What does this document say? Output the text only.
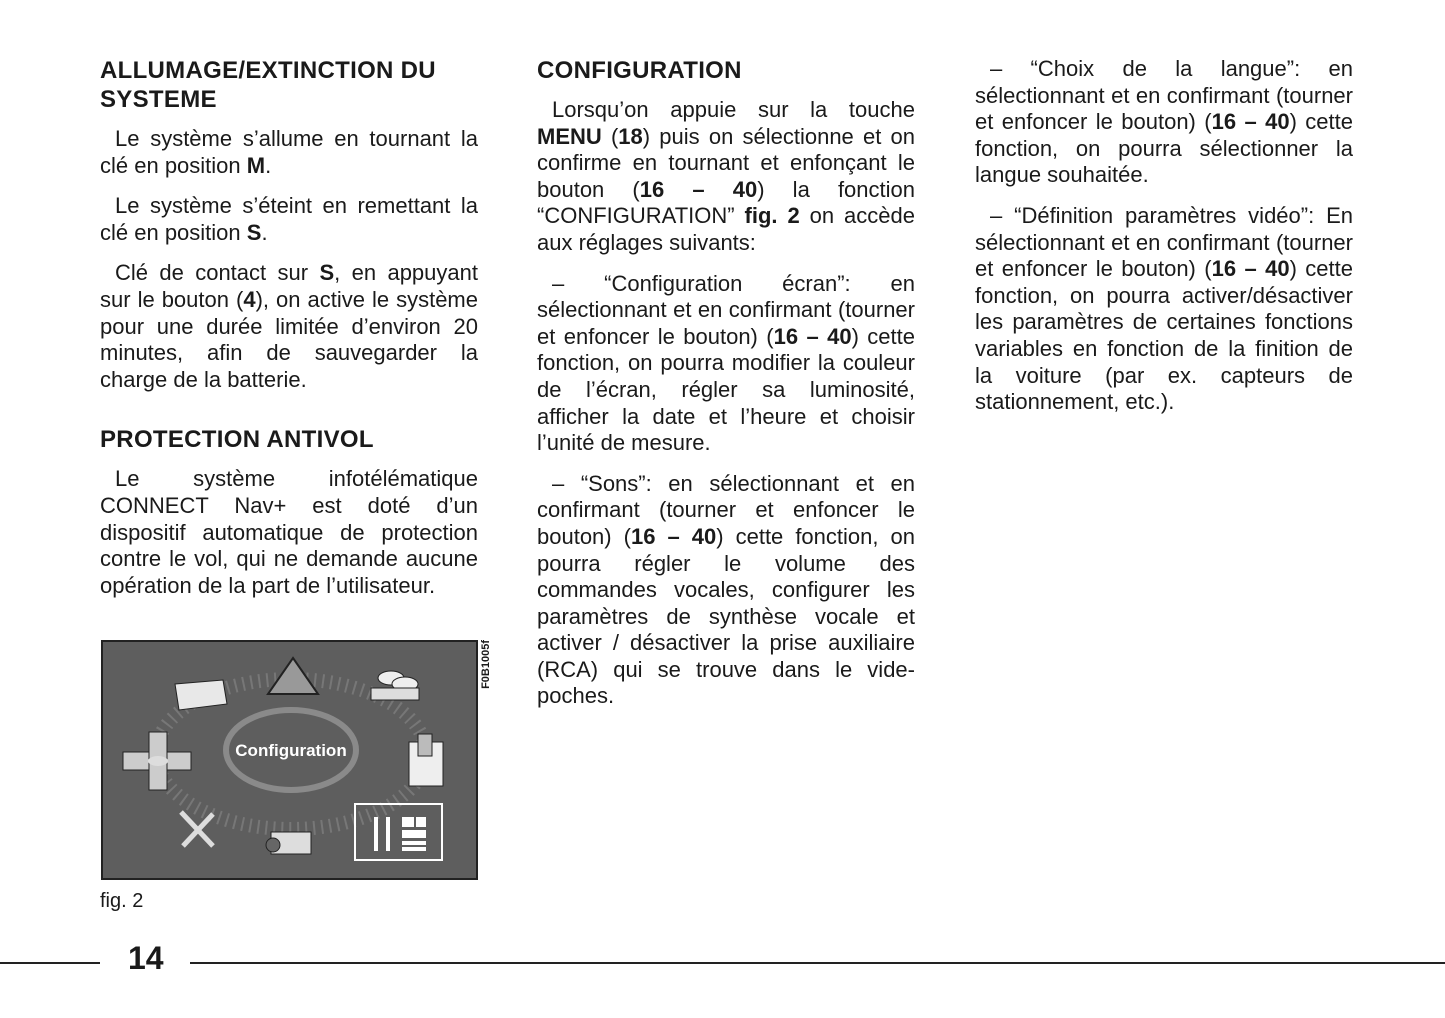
ALLUMAGE/EXTINCTION DU SYSTEME

Le système s’allume en tournant la clé en position M.

Le système s’éteint en remettant la clé en position S.

Clé de contact sur S, en appuyant sur le bouton (4), on active le système pour une durée limitée d’environ 20 minutes, afin de sauvegarder la charge de la batterie.

PROTECTION ANTIVOL

Le système infotélématique CONNECT Nav+ est doté d’un dispositif automatique de protection contre le vol, qui ne demande aucune opération de la part de l’utilisateur.

CONFIGURATION

Lorsqu’on appuie sur la touche MENU (18) puis on sélectionne et on confirme en tournant et enfonçant le bouton (16 – 40) la fonction “CONFIGURATION” fig. 2 on accède aux réglages suivants:

– “Configuration écran”: en sélectionnant et en confirmant (tourner et enfoncer le bouton) (16 – 40) cette fonction, on pourra modifier la couleur de l’écran, régler sa luminosité, afficher la date et l’heure et choisir l’unité de mesure.

– “Sons”: en sélectionnant et en confirmant (tourner et enfoncer le bouton) (16 – 40) cette fonction, on pourra régler le volume des commandes vocales, configurer les paramètres de synthèse vocale et activer / désactiver la prise auxiliaire (RCA) qui se trouve dans le vide-poches.

– “Choix de la langue”: en sélectionnant et en confirmant (tourner et enfoncer le bouton) (16 – 40) cette fonction, on pourra sélectionner la langue souhaitée.

– “Définition paramètres vidéo”: En sélectionnant et en confirmant (tourner et enfoncer le bouton) (16 – 40) cette fonction, on pourra activer/désactiver les paramètres de certaines fonctions variables en fonction de la finition de la voiture (par ex. capteurs de stationnement, etc.).

Configuration
F0B1005f
fig. 2
14
